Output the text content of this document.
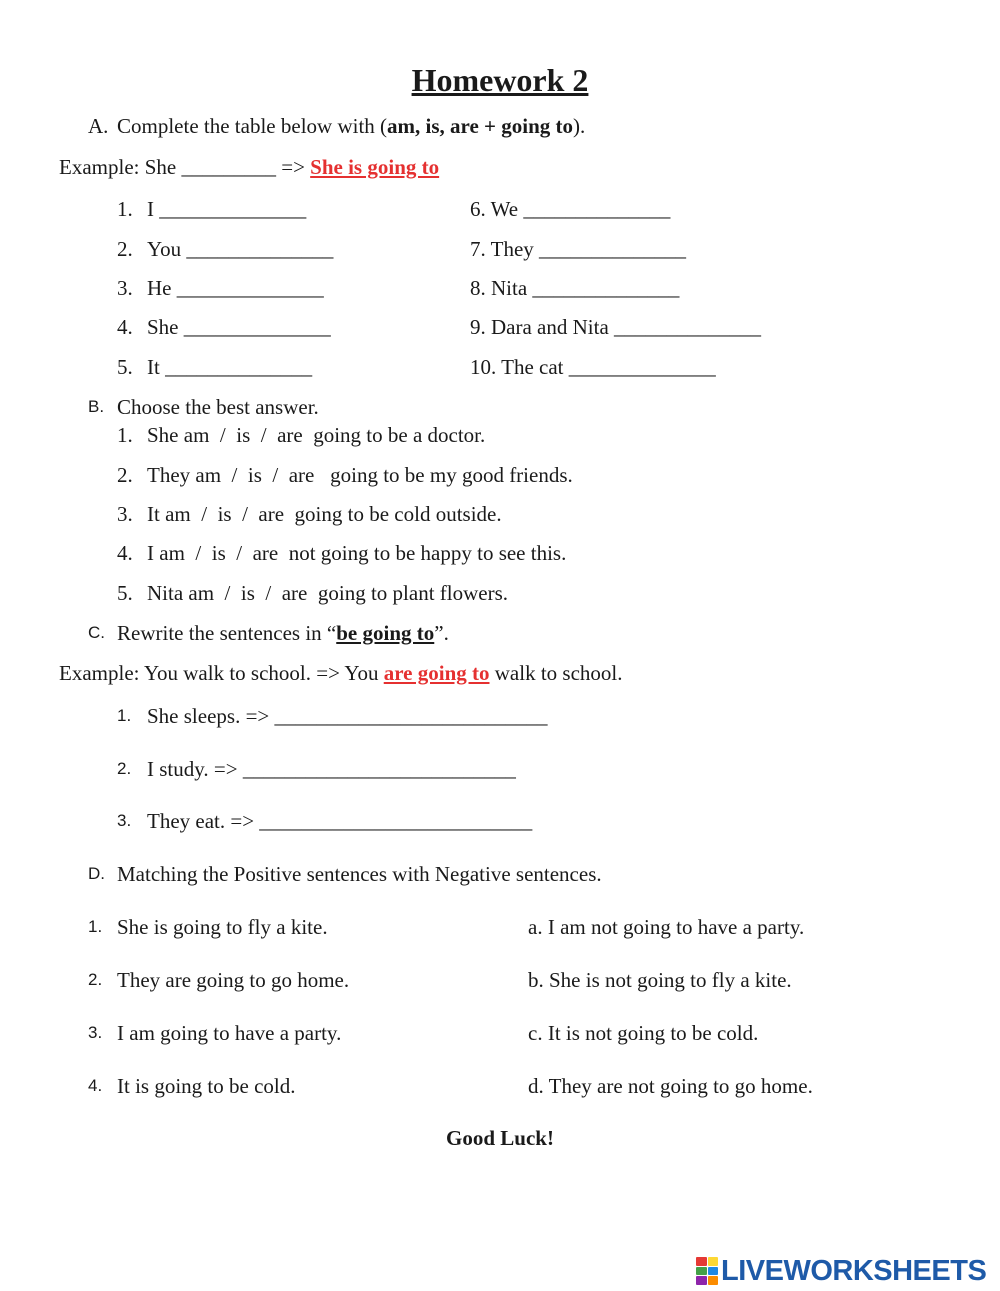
Homework 2
A. Complete the table below with (am, is, are + going to).
Example: She _________ => She is going to
1. I ______________
2. You ______________
3. He ______________
4. She ______________
5. It ______________
6. We ______________
7. They ______________
8. Nita ______________
9. Dara and Nita ______________
10. The cat ______________
B. Choose the best answer.
1. She am  /  is  /  are  going to be a doctor.
2. They am  /  is  /  are   going to be my good friends.
3. It am  /  is  /  are  going to be cold outside.
4. I am  /  is  /  are  not going to be happy to see this.
5. Nita am  /  is  /  are  going to plant flowers.
C. Rewrite the sentences in “be going to”.
Example: You walk to school. => You are going to walk to school.
1. She sleeps. => __________________________
2. I study. => __________________________
3. They eat. => __________________________
D. Matching the Positive sentences with Negative sentences.
1. She is going to fly a kite.
2. They are going to go home.
3. I am going to have a party.
4. It is going to be cold.
a. I am not going to have a party.
b. She is not going to fly a kite.
c. It is not going to be cold.
d. They are not going to go home.
Good Luck!
LIVEWORKSHEETS
